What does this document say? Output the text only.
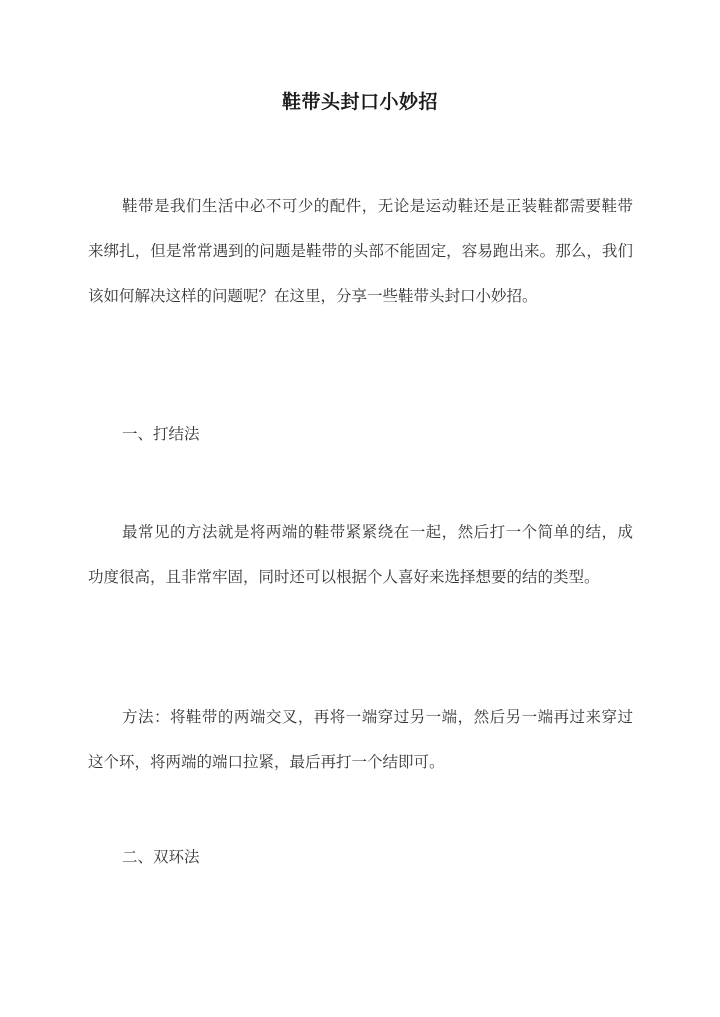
鞋带头封口小妙招
鞋带是我们生活中必不可少的配件，无论是运动鞋还是正装鞋都需要鞋带来绑扎，但是常常遇到的问题是鞋带的头部不能固定，容易跑出来。那么，我们该如何解决这样的问题呢？在这里，分享一些鞋带头封口小妙招。
一、打结法
最常见的方法就是将两端的鞋带紧紧绕在一起，然后打一个简单的结，成功度很高，且非常牢固，同时还可以根据个人喜好来选择想要的结的类型。
方法：将鞋带的两端交叉，再将一端穿过另一端，然后另一端再过来穿过这个环，将两端的端口拉紧，最后再打一个结即可。
二、双环法
